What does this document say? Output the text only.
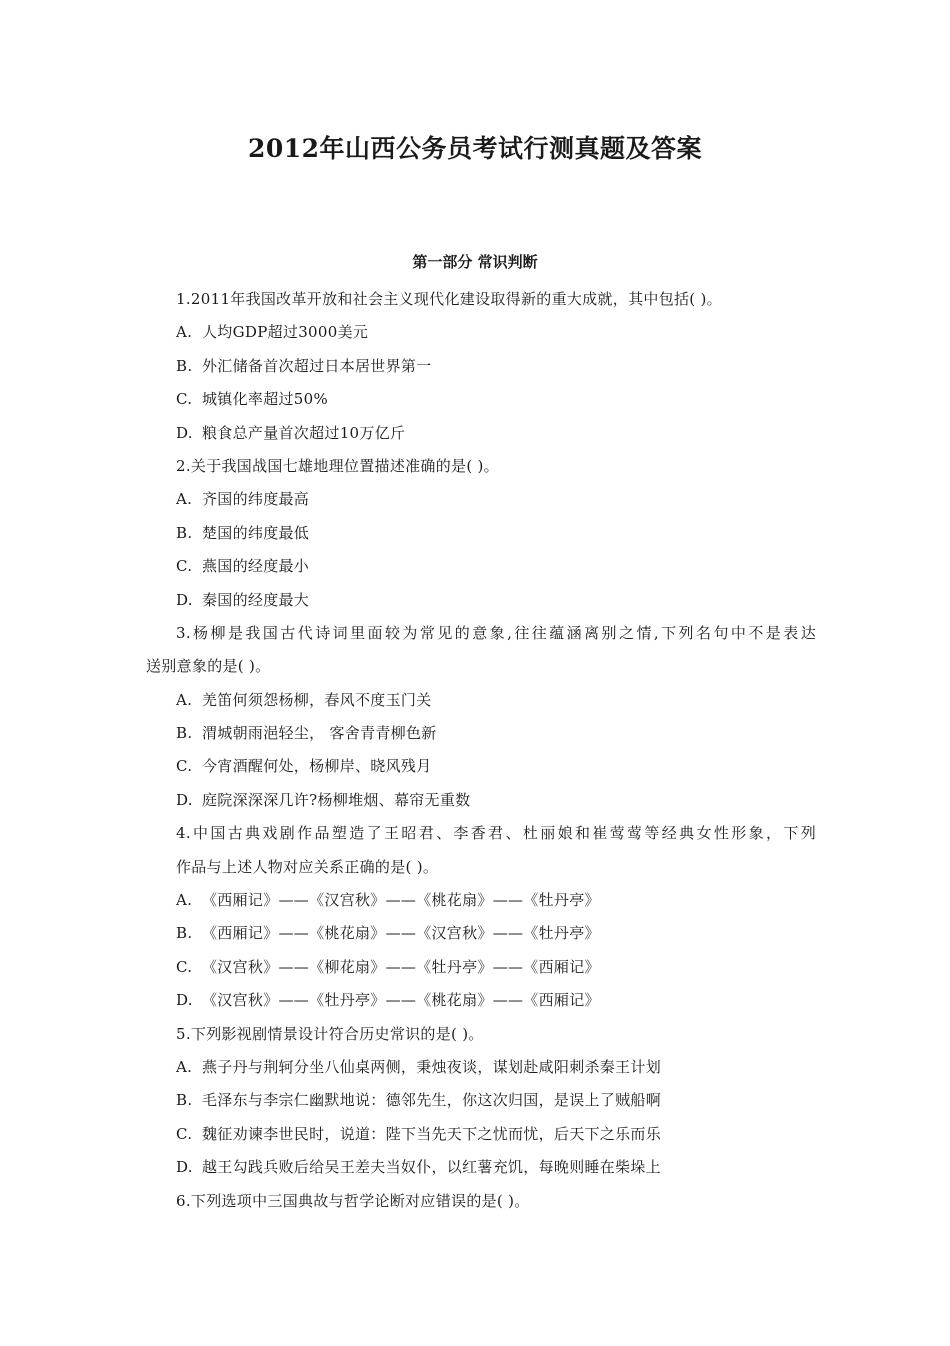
2012年山西公务员考试行测真题及答案
第一部分 常识判断
1.2011年我国改革开放和社会主义现代化建设取得新的重大成就，其中包括( )。
A. 人均GDP超过3000美元
B. 外汇储备首次超过日本居世界第一
C. 城镇化率超过50%
D. 粮食总产量首次超过10万亿斤
2.关于我国战国七雄地理位置描述准确的是( )。
A. 齐国的纬度最高
B. 楚国的纬度最低
C. 燕国的经度最小
D. 秦国的经度最大
3.杨柳是我国古代诗词里面较为常见的意象,往往蕴涵离别之情,下列名句中不是表达
送别意象的是( )。
A. 羌笛何须怨杨柳，春风不度玉门关
B. 渭城朝雨浥轻尘， 客舍青青柳色新
C. 今宵酒醒何处，杨柳岸、晓风残月
D. 庭院深深深几许?杨柳堆烟、幕帘无重数
4.中国古典戏剧作品塑造了王昭君、李香君、杜丽娘和崔莺莺等经典女性形象，下列
作品与上述人物对应关系正确的是( )。
A. 《西厢记》——《汉宫秋》——《桃花扇》——《牡丹亭》
B. 《西厢记》——《桃花扇》——《汉宫秋》——《牡丹亭》
C. 《汉宫秋》——《柳花扇》——《牡丹亭》——《西厢记》
D. 《汉宫秋》——《牡丹亭》——《桃花扇》——《西厢记》
5.下列影视剧情景设计符合历史常识的是( )。
A. 燕子丹与荆轲分坐八仙桌两侧，秉烛夜谈，谋划赴咸阳刺杀秦王计划
B. 毛泽东与李宗仁幽默地说：德邻先生，你这次归国，是误上了贼船啊
C. 魏征劝谏李世民时，说道：陛下当先天下之忧而忧，后天下之乐而乐
D. 越王勾践兵败后给吴王差夫当奴仆，以红薯充饥，每晚则睡在柴垛上
6.下列选项中三国典故与哲学论断对应错误的是( )。
